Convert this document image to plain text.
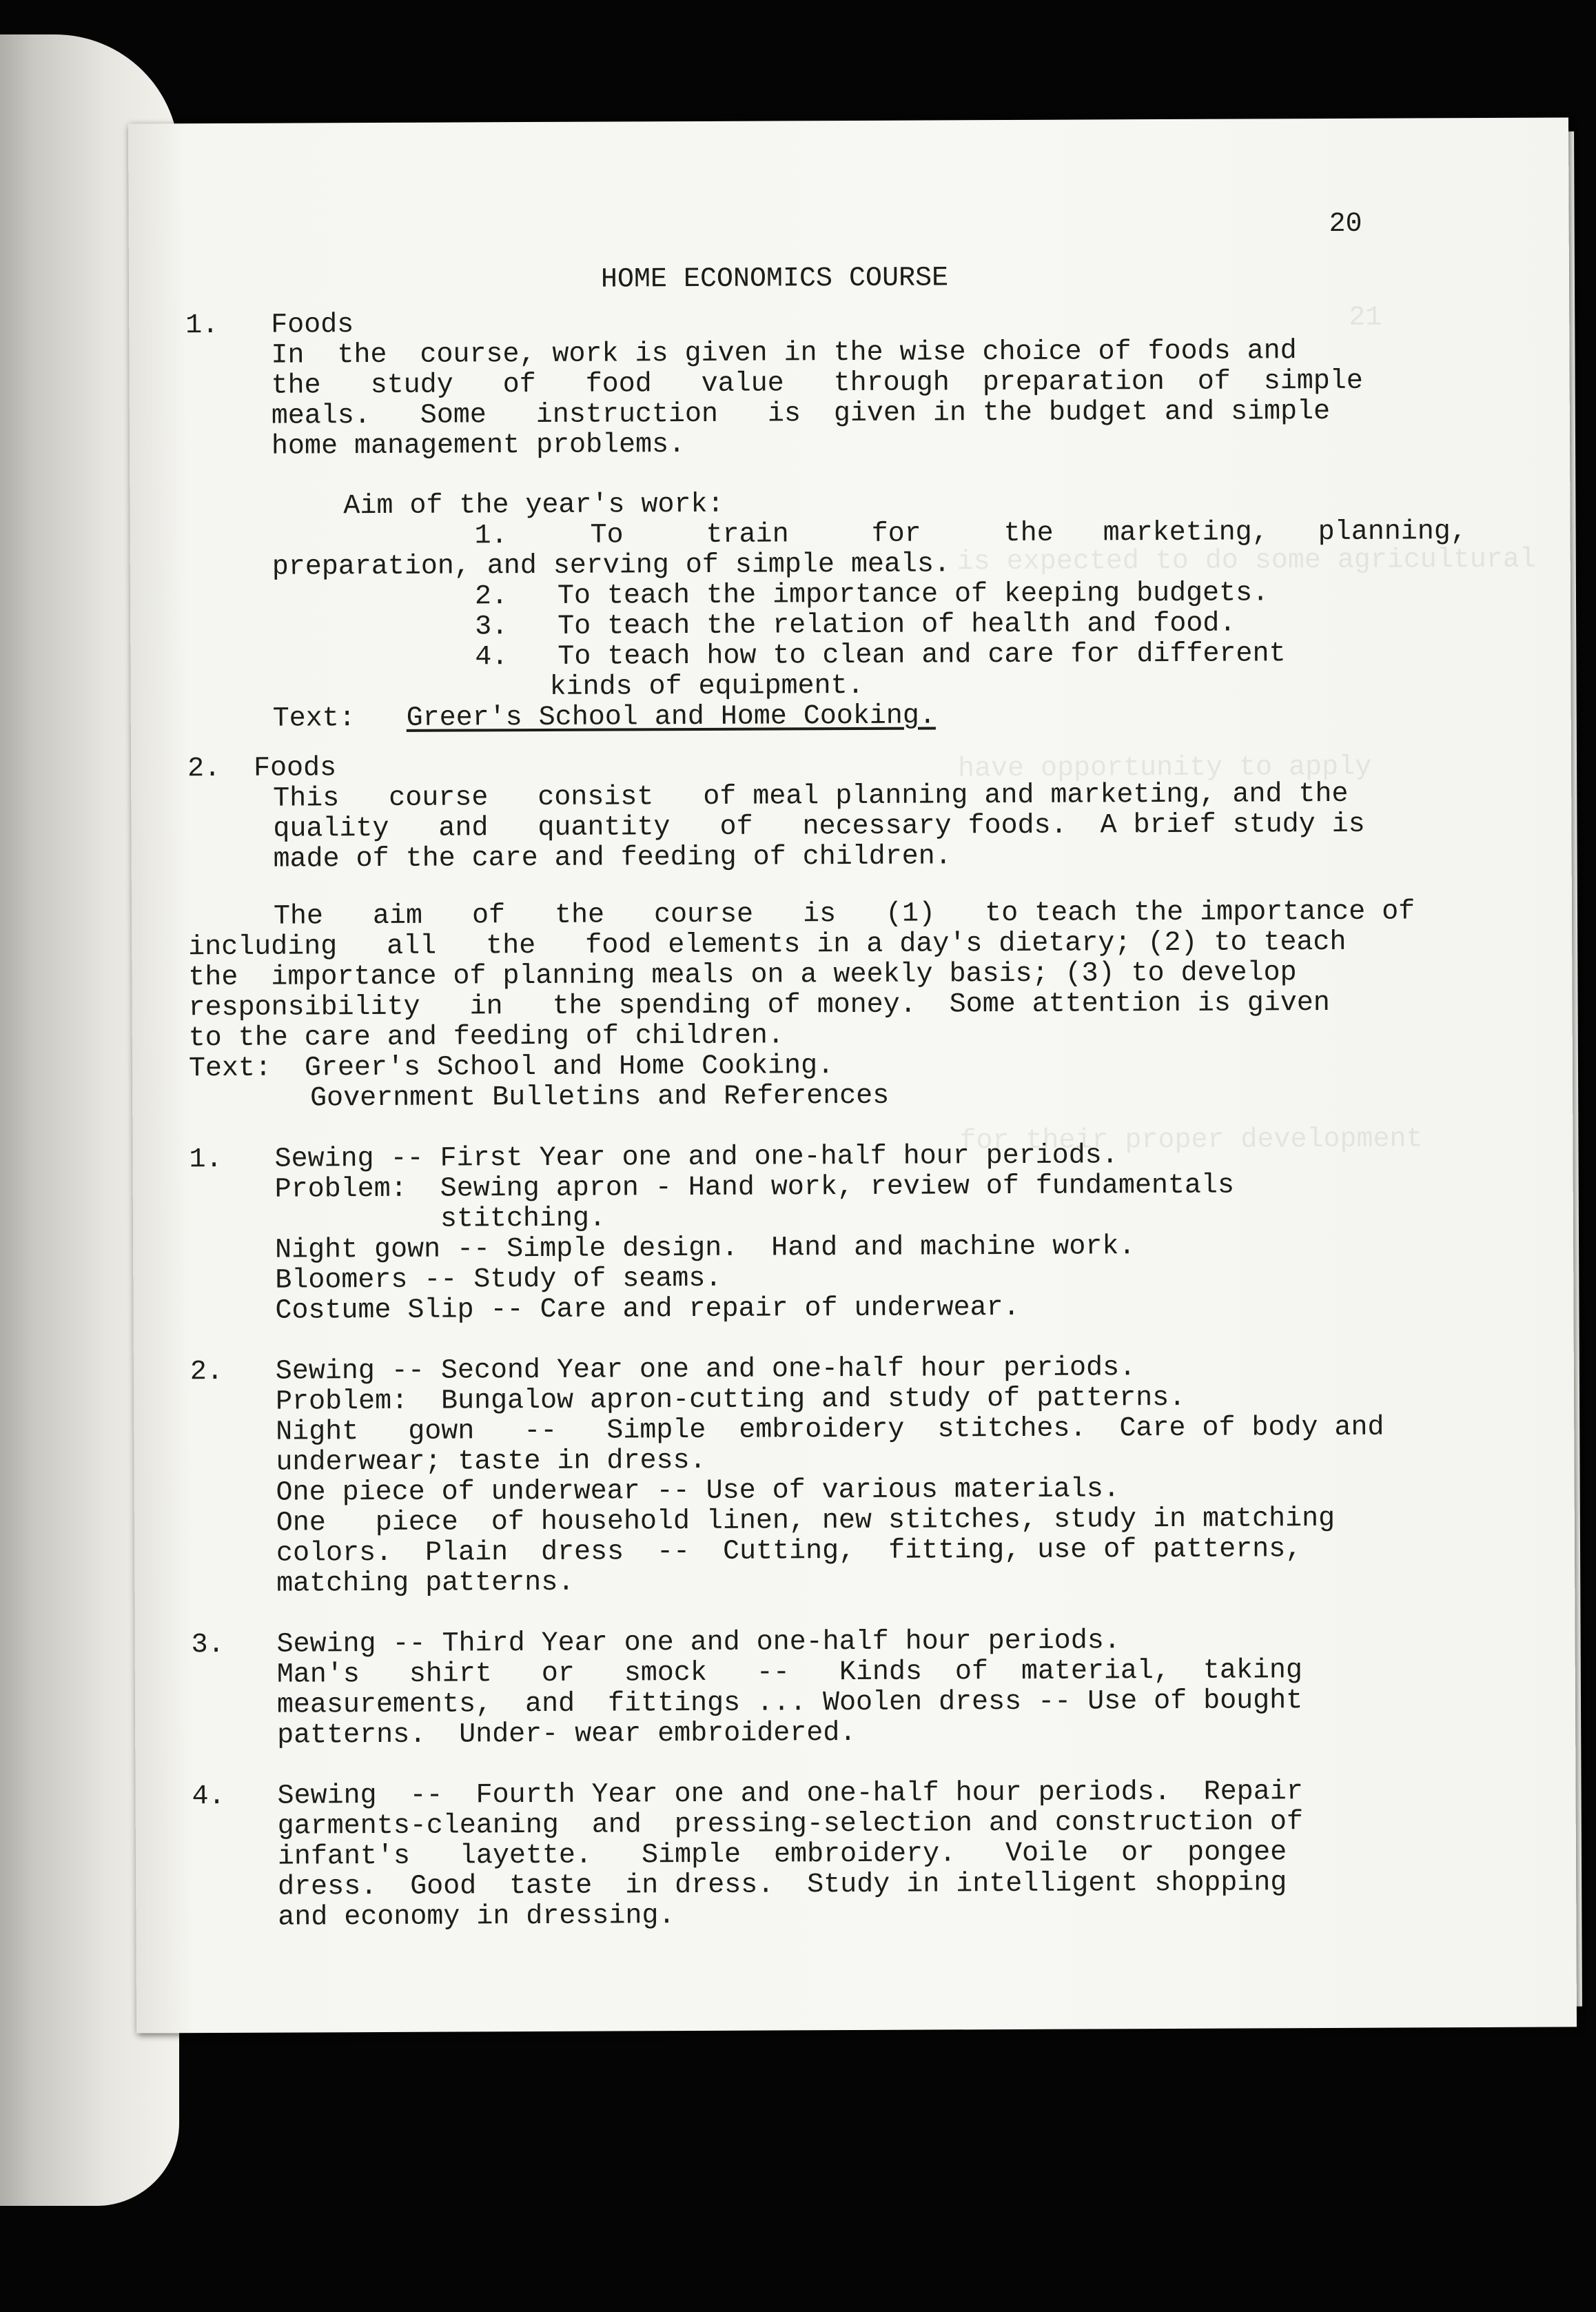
21
is expected to do some agricultural
have opportunity to apply
for their proper development
20
HOME ECONOMICS COURSE
1. Foods
In  the  course, work is given in the wise choice of foods and
the   study   of   food   value   through  preparation  of  simple
meals.   Some   instruction   is  given in the budget and simple
home management problems.
Aim of the year's work:
1.     To     train     for     the   marketing,   planning,
preparation, and serving of simple meals.
2.   To teach the importance of keeping budgets.
3.   To teach the relation of health and food.
4.   To teach how to clean and care for different
kinds of equipment.
Text: Greer's School and Home Cooking.
2. Foods
This   course   consist   of meal planning and marketing, and the
quality   and   quantity   of   necessary foods.  A brief study is
made of the care and feeding of children.
The   aim   of   the   course   is   (1)   to teach the importance of
including   all   the   food elements in a day's dietary; (2) to teach
the  importance of planning meals on a weekly basis; (3) to develop
responsibility   in   the spending of money.  Some attention is given
to the care and feeding of children.
Text:  Greer's School and Home Cooking.
Government Bulletins and References
1. Sewing -- First Year one and one-half hour periods.
Problem:  Sewing apron - Hand work, review of fundamentals
stitching.
Night gown -- Simple design.  Hand and machine work.
Bloomers -- Study of seams.
Costume Slip -- Care and repair of underwear.
2. Sewing -- Second Year one and one-half hour periods.
Problem:  Bungalow apron-cutting and study of patterns.
Night   gown   --   Simple  embroidery  stitches.  Care of body and
underwear; taste in dress.
One piece of underwear -- Use of various materials.
One   piece  of household linen, new stitches, study in matching
colors.  Plain  dress  --  Cutting,  fitting, use of patterns,
matching patterns.
3. Sewing -- Third Year one and one-half hour periods.
Man's   shirt   or   smock   --   Kinds  of  material,  taking
measurements,  and  fittings ... Woolen dress -- Use of bought
patterns.  Under- wear embroidered.
4. Sewing  --  Fourth Year one and one-half hour periods.  Repair
garments-cleaning  and  pressing-selection and construction of
infant's   layette.   Simple  embroidery.   Voile  or  pongee
dress.  Good  taste  in dress.  Study in intelligent shopping
and economy in dressing.
